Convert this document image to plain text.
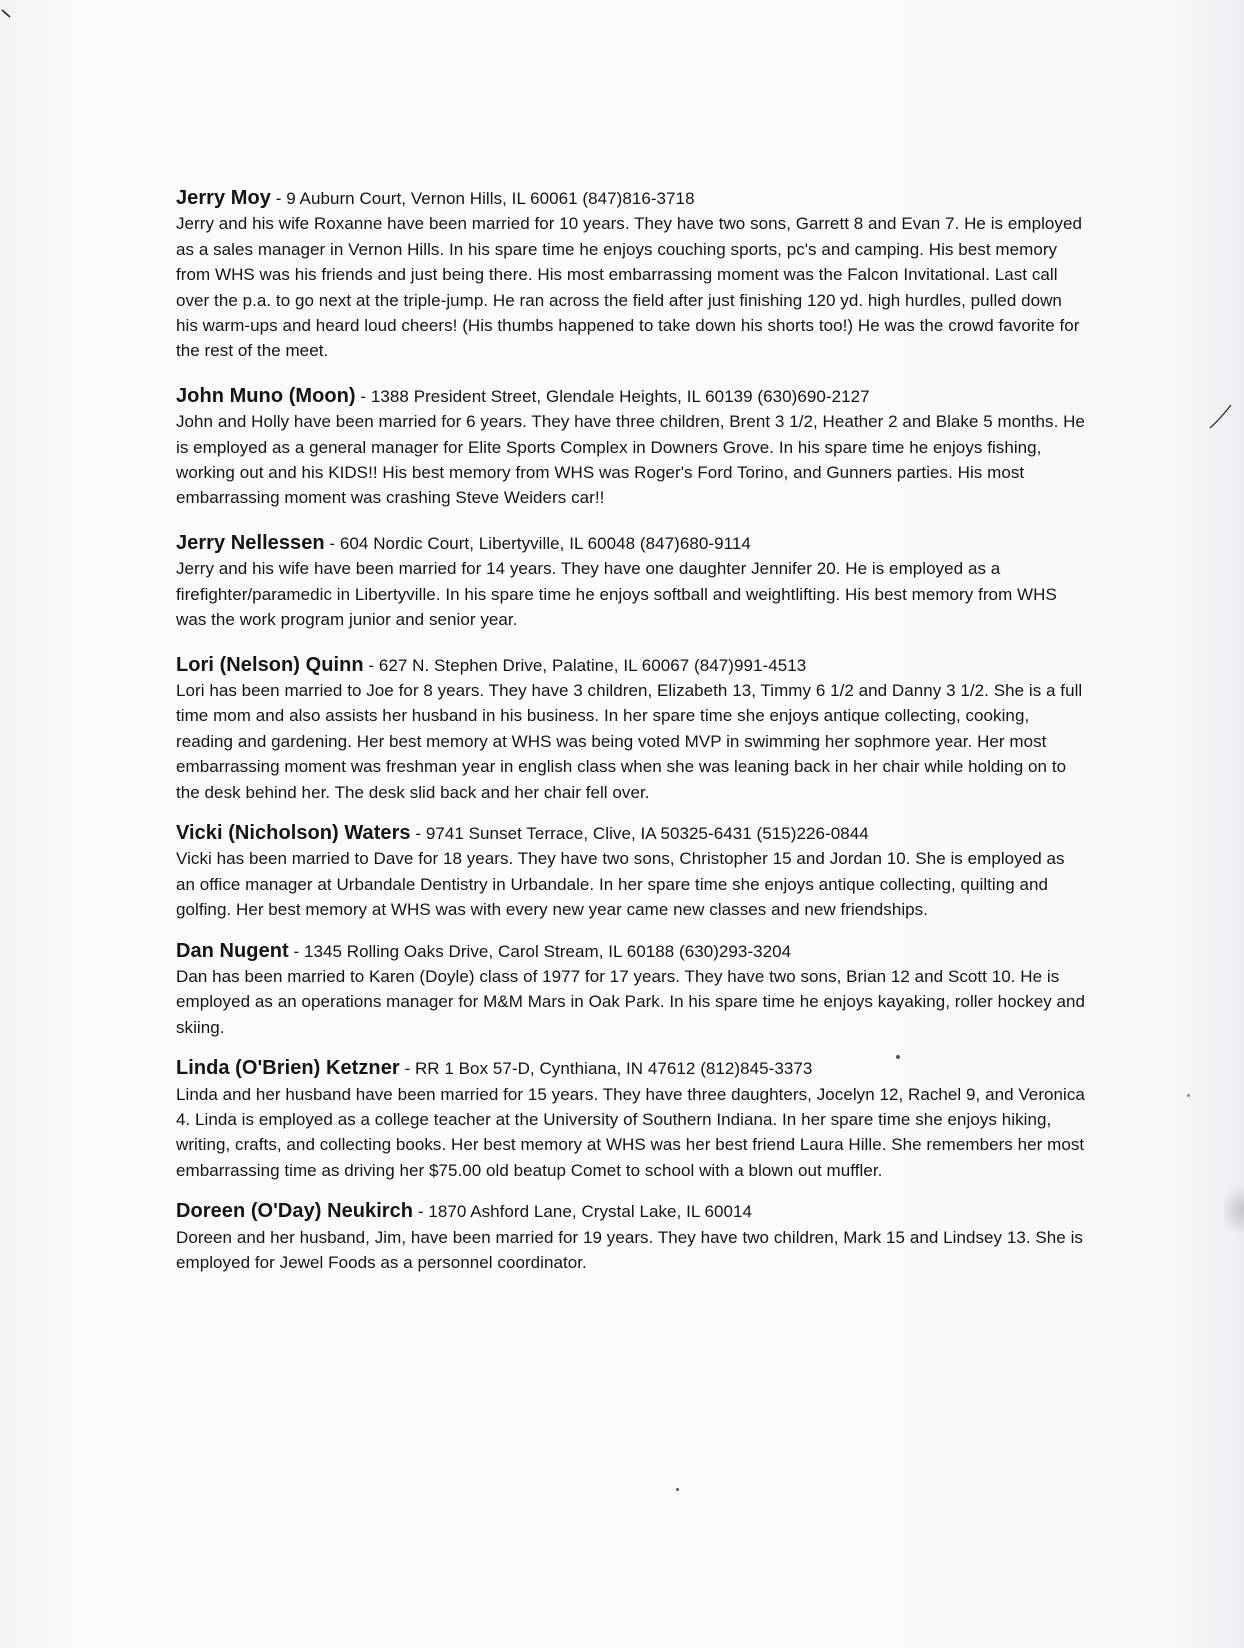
Jerry Moy - 9 Auburn Court, Vernon Hills, IL 60061 (847)816-3718
Jerry and his wife Roxanne have been married for 10 years. They have two sons, Garrett 8 and Evan 7. He is employed as a sales manager in Vernon Hills. In his spare time he enjoys couching sports, pc's and camping. His best memory from WHS was his friends and just being there. His most embarrassing moment was the Falcon Invitational. Last call over the p.a. to go next at the triple-jump. He ran across the field after just finishing 120 yd. high hurdles, pulled down his warm-ups and heard loud cheers! (His thumbs happened to take down his shorts too!) He was the crowd favorite for the rest of the meet.

John Muno (Moon) - 1388 President Street, Glendale Heights, IL 60139 (630)690-2127
John and Holly have been married for 6 years. They have three children, Brent 3 1/2, Heather 2 and Blake 5 months. He is employed as a general manager for Elite Sports Complex in Downers Grove. In his spare time he enjoys fishing, working out and his KIDS!! His best memory from WHS was Roger's Ford Torino, and Gunners parties. His most embarrassing moment was crashing Steve Weiders car!!

Jerry Nellessen - 604 Nordic Court, Libertyville, IL 60048 (847)680-9114
Jerry and his wife have been married for 14 years. They have one daughter Jennifer 20. He is employed as a firefighter/paramedic in Libertyville. In his spare time he enjoys softball and weightlifting. His best memory from WHS was the work program junior and senior year.

Lori (Nelson) Quinn - 627 N. Stephen Drive, Palatine, IL 60067 (847)991-4513
Lori has been married to Joe for 8 years. They have 3 children, Elizabeth 13, Timmy 6 1/2 and Danny 3 1/2. She is a full time mom and also assists her husband in his business. In her spare time she enjoys antique collecting, cooking, reading and gardening. Her best memory at WHS was being voted MVP in swimming her sophmore year. Her most embarrassing moment was freshman year in english class when she was leaning back in her chair while holding on to the desk behind her. The desk slid back and her chair fell over.

Vicki (Nicholson) Waters - 9741 Sunset Terrace, Clive, IA 50325-6431 (515)226-0844
Vicki has been married to Dave for 18 years. They have two sons, Christopher 15 and Jordan 10. She is employed as an office manager at Urbandale Dentistry in Urbandale. In her spare time she enjoys antique collecting, quilting and golfing. Her best memory at WHS was with every new year came new classes and new friendships.

Dan Nugent - 1345 Rolling Oaks Drive, Carol Stream, IL 60188 (630)293-3204
Dan has been married to Karen (Doyle) class of 1977 for 17 years. They have two sons, Brian 12 and Scott 10. He is employed as an operations manager for M&M Mars in Oak Park. In his spare time he enjoys kayaking, roller hockey and skiing.

Linda (O'Brien) Ketzner - RR 1 Box 57-D, Cynthiana, IN 47612 (812)845-3373
Linda and her husband have been married for 15 years. They have three daughters, Jocelyn 12, Rachel 9, and Veronica 4. Linda is employed as a college teacher at the University of Southern Indiana. In her spare time she enjoys hiking, writing, crafts, and collecting books. Her best memory at WHS was her best friend Laura Hille. She remembers her most embarrassing time as driving her $75.00 old beatup Comet to school with a blown out muffler.

Doreen (O'Day) Neukirch - 1870 Ashford Lane, Crystal Lake, IL 60014
Doreen and her husband, Jim, have been married for 19 years. They have two children, Mark 15 and Lindsey 13. She is employed for Jewel Foods as a personnel coordinator.
